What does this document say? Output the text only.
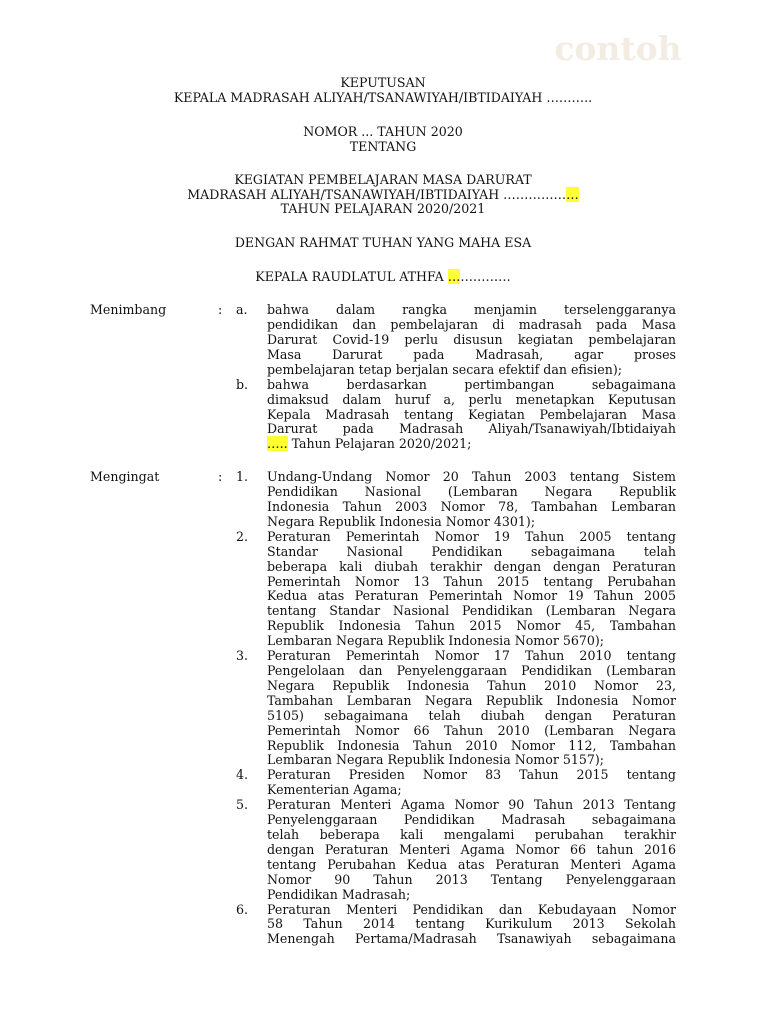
contoh
KEPUTUSAN
KEPALA MADRASAH ALIYAH/TSANAWIYAH/IBTIDAIYAH ………..
NOMOR ... TAHUN 2020
TENTANG
KEGIATAN PEMBELAJARAN MASA DARURAT
MADRASAH ALIYAH/TSANAWIYAH/IBTIDAIYAH ………………
TAHUN PELAJARAN 2020/2021
DENGAN RAHMAT TUHAN YANG MAHA ESA
KEPALA RAUDLATUL ATHFA ……………
Menimbang	: a. bahwa dalam rangka menjamin terselenggaranya
pendidikan dan pembelajaran di madrasah pada Masa
Darurat Covid-19 perlu disusun kegiatan pembelajaran
Masa Darurat pada Madrasah, agar proses
pembelajaran tetap berjalan secara efektif dan efisien);
b. bahwa berdasarkan pertimbangan sebagaimana
dimaksud dalam huruf a, perlu menetapkan Keputusan
Kepala Madrasah tentang Kegiatan Pembelajaran Masa
Darurat pada Madrasah Aliyah/Tsanawiyah/Ibtidaiyah
….. Tahun Pelajaran 2020/2021;
Mengingat	: 1. Undang-Undang Nomor 20 Tahun 2003 tentang Sistem
Pendidikan Nasional (Lembaran Negara Republik
Indonesia Tahun 2003 Nomor 78, Tambahan Lembaran
Negara Republik Indonesia Nomor 4301);
2. Peraturan Pemerintah Nomor 19 Tahun 2005 tentang
Standar Nasional Pendidikan sebagaimana telah
beberapa kali diubah terakhir dengan dengan Peraturan
Pemerintah Nomor 13 Tahun 2015 tentang Perubahan
Kedua atas Peraturan Pemerintah Nomor 19 Tahun 2005
tentang Standar Nasional Pendidikan (Lembaran Negara
Republik Indonesia Tahun 2015 Nomor 45, Tambahan
Lembaran Negara Republik Indonesia Nomor 5670);
3. Peraturan Pemerintah Nomor 17 Tahun 2010 tentang
Pengelolaan dan Penyelenggaraan Pendidikan (Lembaran
Negara Republik Indonesia Tahun 2010 Nomor 23,
Tambahan Lembaran Negara Republik Indonesia Nomor
5105) sebagaimana telah diubah dengan Peraturan
Pemerintah Nomor 66 Tahun 2010 (Lembaran Negara
Republik Indonesia Tahun 2010 Nomor 112, Tambahan
Lembaran Negara Republik Indonesia Nomor 5157);
4. Peraturan Presiden Nomor 83 Tahun 2015 tentang
Kementerian Agama;
5. Peraturan Menteri Agama Nomor 90 Tahun 2013 Tentang
Penyelenggaraan Pendidikan Madrasah sebagaimana
telah beberapa kali mengalami perubahan terakhir
dengan Peraturan Menteri Agama Nomor 66 tahun 2016
tentang Perubahan Kedua atas Peraturan Menteri Agama
Nomor 90 Tahun 2013 Tentang Penyelenggaraan
Pendidikan Madrasah;
6. Peraturan Menteri Pendidikan dan Kebudayaan Nomor
58 Tahun 2014 tentang Kurikulum 2013 Sekolah
Menengah Pertama/Madrasah Tsanawiyah sebagaimana
